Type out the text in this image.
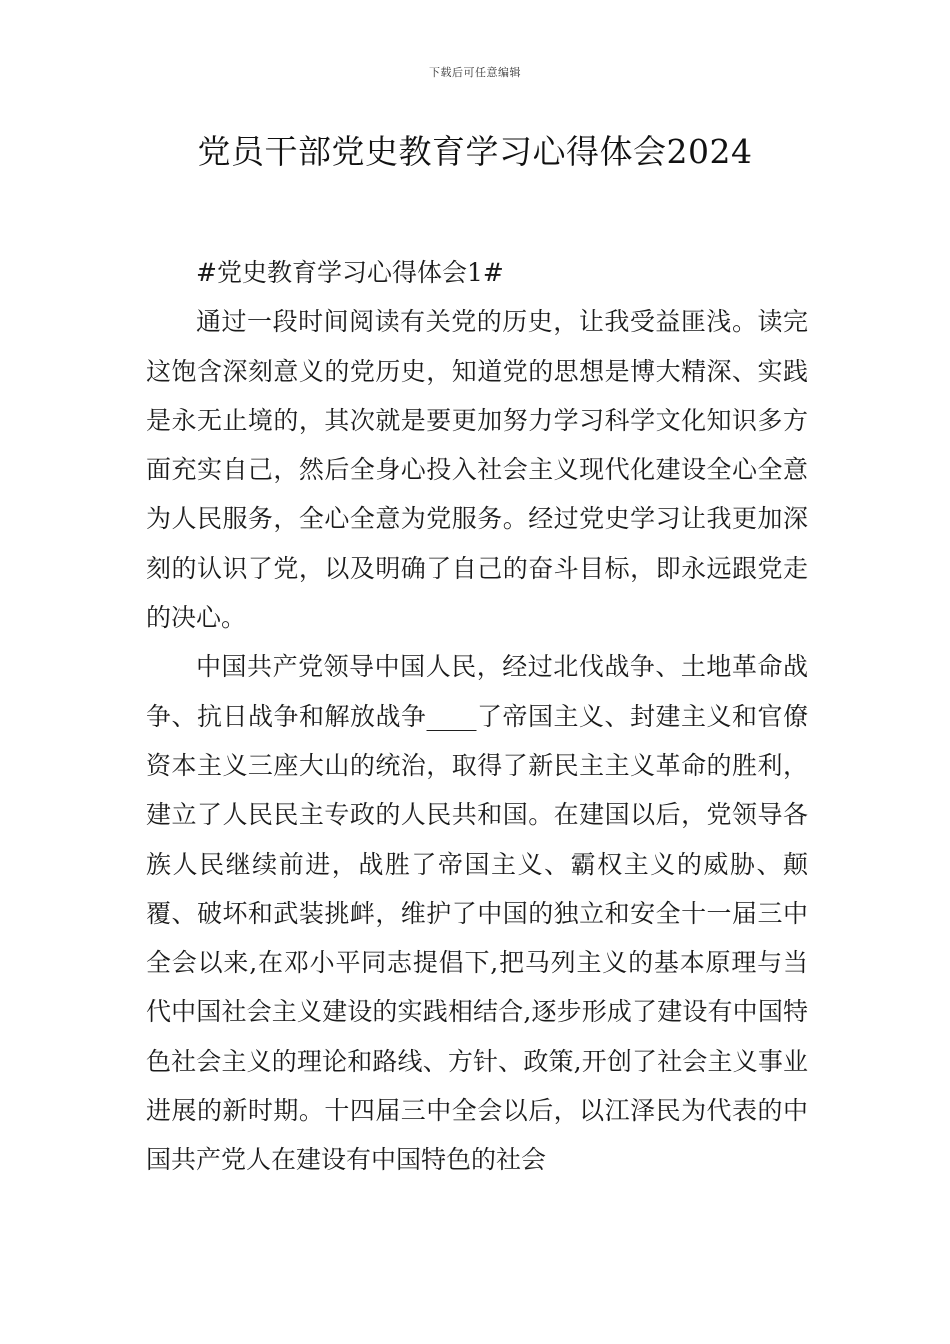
下载后可任意编辑
党员干部党史教育学习心得体会2024

#党史教育学习心得体会1#

通过一段时间阅读有关党的历史，让我受益匪浅。读完这饱含深刻意义的党历史，知道党的思想是博大精深、实践是永无止境的，其次就是要更加努力学习科学文化知识多方面充实自己，然后全身心投入社会主义现代化建设全心全意为人民服务，全心全意为党服务。经过党史学习让我更加深刻的认识了党，以及明确了自己的奋斗目标，即永远跟党走的决心。

中国共产党领导中国人民，经过北伐战争、土地革命战争、抗日战争和解放战争____了帝国主义、封建主义和官僚资本主义三座大山的统治，取得了新民主主义革命的胜利，建立了人民民主专政的人民共和国。在建国以后，党领导各族人民继续前进，战胜了帝国主义、霸权主义的威胁、颠覆、破坏和武装挑衅，维护了中国的独立和安全十一届三中全会以来,在邓小平同志提倡下,把马列主义的基本原理与当代中国社会主义建设的实践相结合,逐步形成了建设有中国特色社会主义的理论和路线、方针、政策,开创了社会主义事业进展的新时期。十四届三中全会以后，以江泽民为代表的中国共产党人在建设有中国特色的社会
